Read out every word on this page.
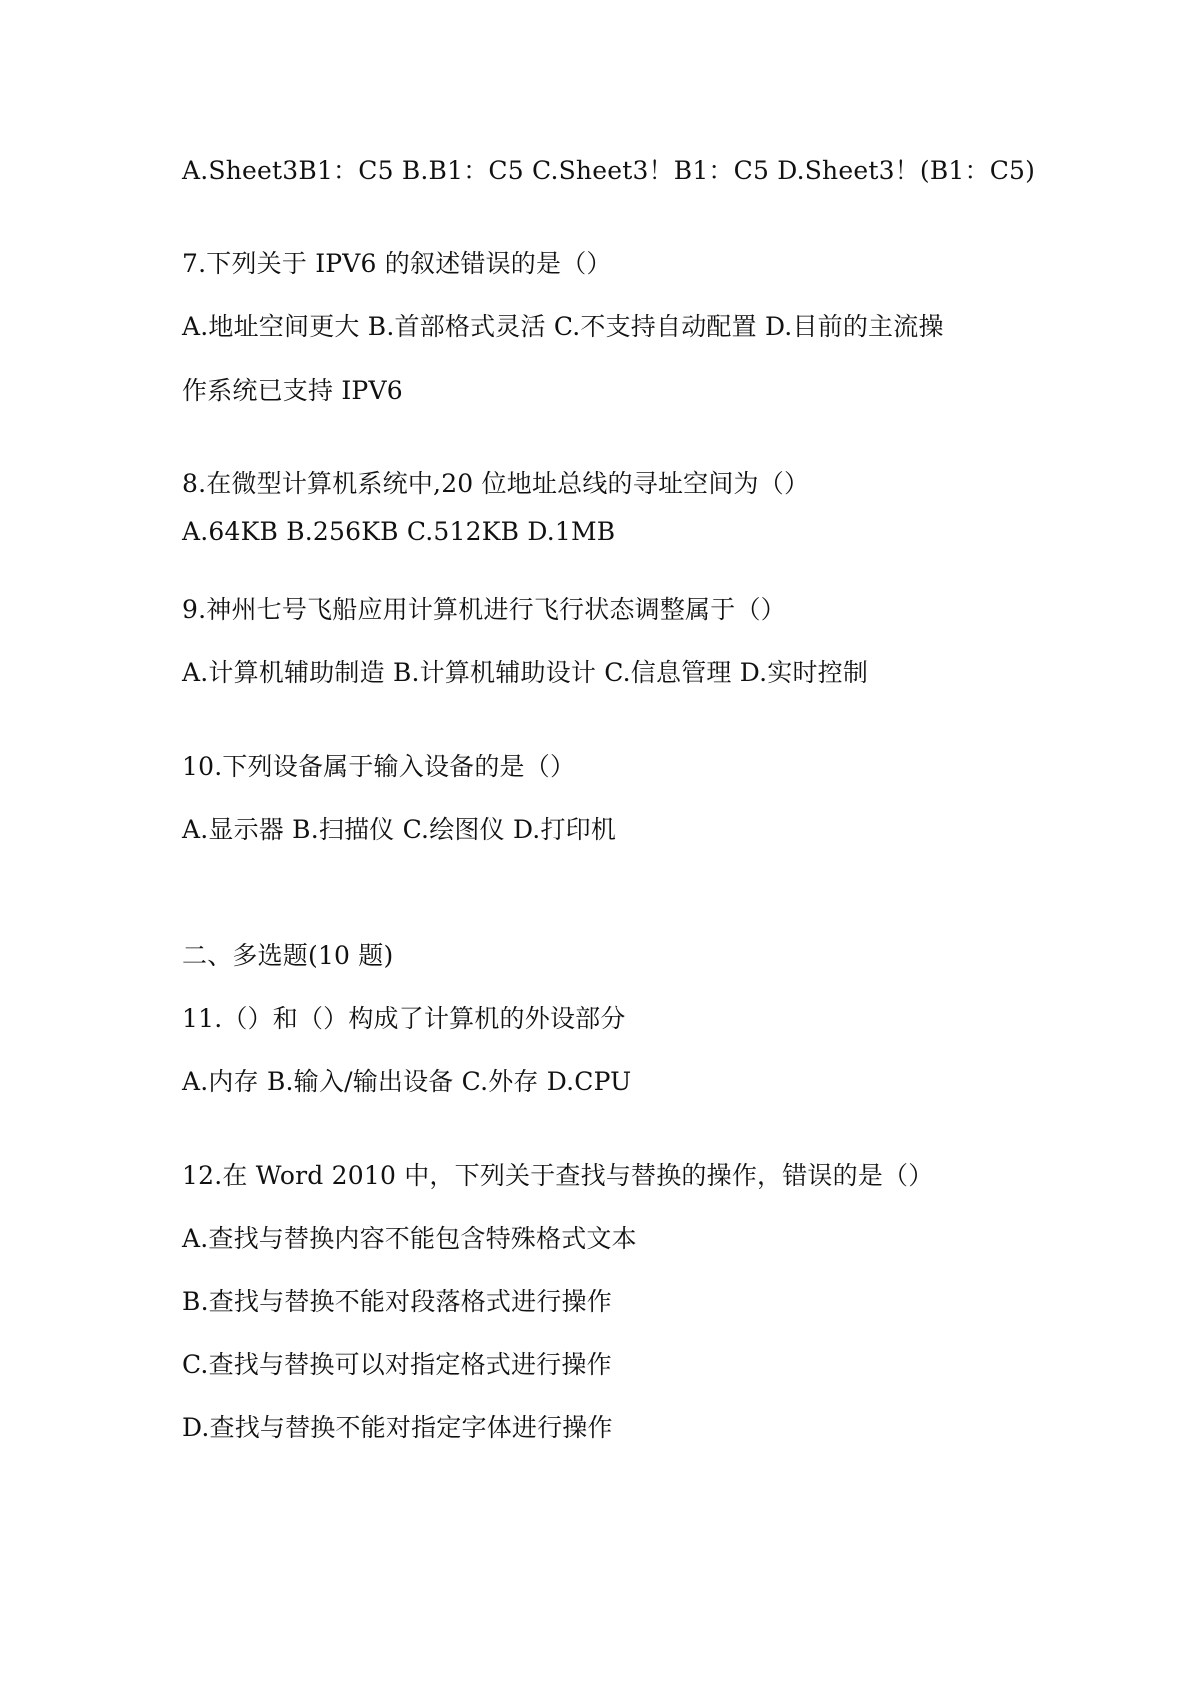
A.Sheet3B1：C5 B.B1：C5 C.Sheet3！B1：C5 D.Sheet3！(B1：C5)
7.下列关于 IPV6 的叙述错误的是（）
A.地址空间更大 B.首部格式灵活 C.不支持自动配置 D.目前的主流操
作系统已支持 IPV6
8.在微型计算机系统中,20 位地址总线的寻址空间为（）
A.64KB B.256KB C.512KB D.1MB
9.神州七号飞船应用计算机进行飞行状态调整属于（）
A.计算机辅助制造 B.计算机辅助设计 C.信息管理 D.实时控制
10.下列设备属于输入设备的是（）
A.显示器 B.扫描仪 C.绘图仪 D.打印机
二、多选题(10 题)
11.（）和（）构成了计算机的外设部分
A.内存 B.输入/输出设备 C.外存 D.CPU
12.在 Word 2010 中，下列关于查找与替换的操作，错误的是（）
A.查找与替换内容不能包含特殊格式文本
B.查找与替换不能对段落格式进行操作
C.查找与替换可以对指定格式进行操作
D.查找与替换不能对指定字体进行操作
